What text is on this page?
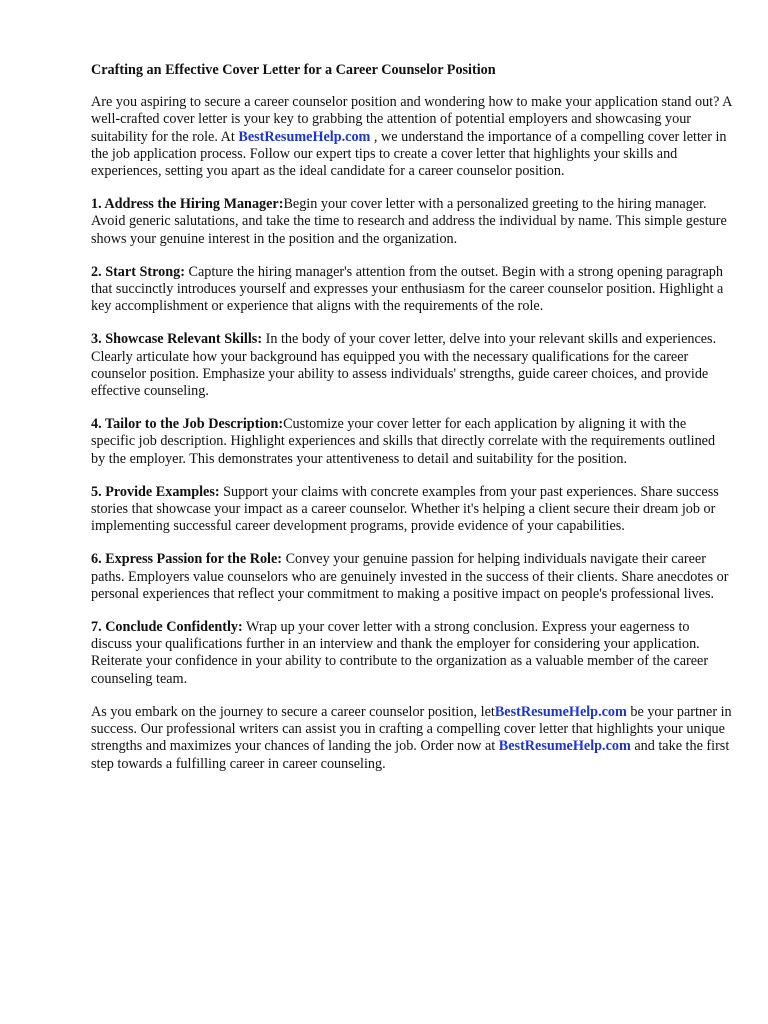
Crafting an Effective Cover Letter for a Career Counselor Position

Are you aspiring to secure a career counselor position and wondering how to make your application stand out? A well-crafted cover letter is your key to grabbing the attention of potential employers and showcasing your suitability for the role. At BestResumeHelp.com , we understand the importance of a compelling cover letter in the job application process. Follow our expert tips to create a cover letter that highlights your skills and experiences, setting you apart as the ideal candidate for a career counselor position.

1. Address the Hiring Manager:Begin your cover letter with a personalized greeting to the hiring manager. Avoid generic salutations, and take the time to research and address the individual by name. This simple gesture shows your genuine interest in the position and the organization.

2. Start Strong: Capture the hiring manager's attention from the outset. Begin with a strong opening paragraph that succinctly introduces yourself and expresses your enthusiasm for the career counselor position. Highlight a key accomplishment or experience that aligns with the requirements of the role.

3. Showcase Relevant Skills: In the body of your cover letter, delve into your relevant skills and experiences. Clearly articulate how your background has equipped you with the necessary qualifications for the career counselor position. Emphasize your ability to assess individuals' strengths, guide career choices, and provide effective counseling.

4. Tailor to the Job Description:Customize your cover letter for each application by aligning it with the specific job description. Highlight experiences and skills that directly correlate with the requirements outlined by the employer. This demonstrates your attentiveness to detail and suitability for the position.

5. Provide Examples: Support your claims with concrete examples from your past experiences. Share success stories that showcase your impact as a career counselor. Whether it's helping a client secure their dream job or implementing successful career development programs, provide evidence of your capabilities.

6. Express Passion for the Role: Convey your genuine passion for helping individuals navigate their career paths. Employers value counselors who are genuinely invested in the success of their clients. Share anecdotes or personal experiences that reflect your commitment to making a positive impact on people's professional lives.

7. Conclude Confidently: Wrap up your cover letter with a strong conclusion. Express your eagerness to discuss your qualifications further in an interview and thank the employer for considering your application. Reiterate your confidence in your ability to contribute to the organization as a valuable member of the career counseling team.

As you embark on the journey to secure a career counselor position, letBestResumeHelp.com be your partner in success. Our professional writers can assist you in crafting a compelling cover letter that highlights your unique strengths and maximizes your chances of landing the job. Order now at BestResumeHelp.com and take the first step towards a fulfilling career in career counseling.
